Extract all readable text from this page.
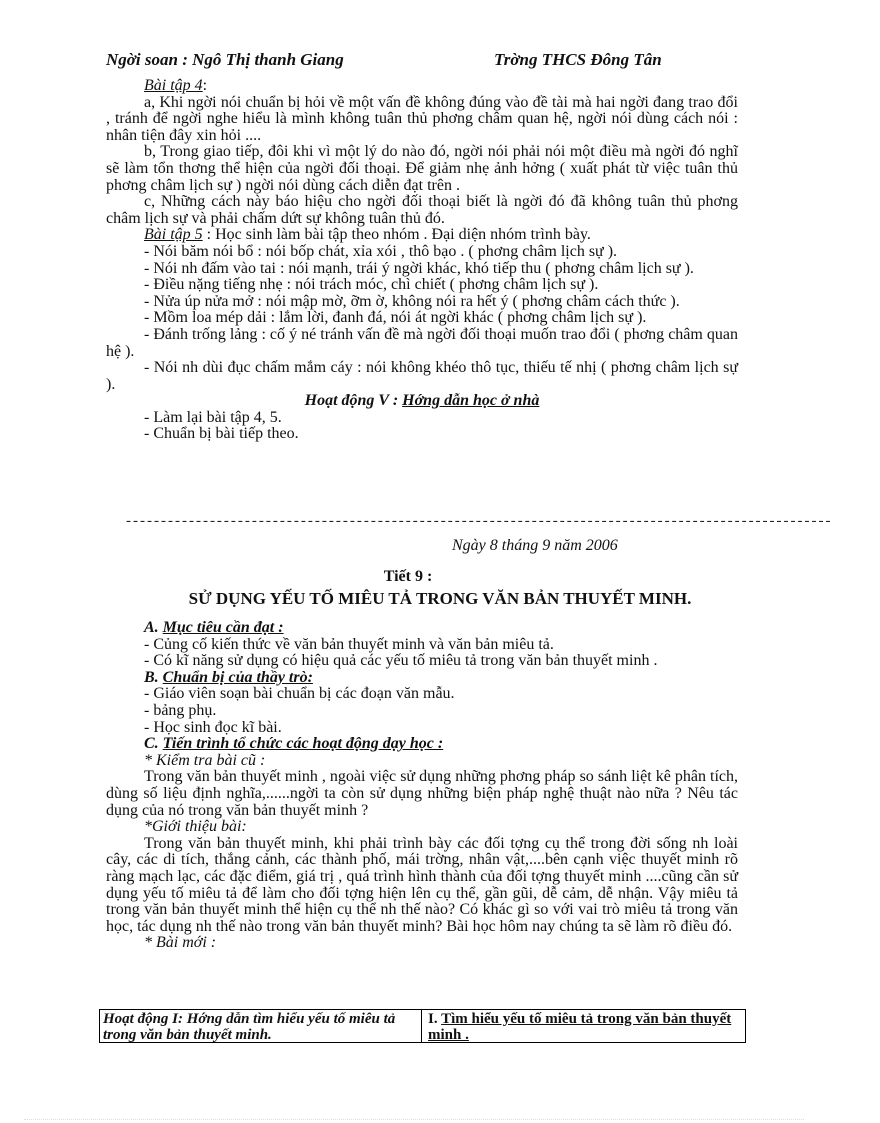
Ngời soan : Ngô Thị thanh Giang	Trờng THCS Đông Tân

Bài tập 4:

a, Khi ngời nói chuẩn bị hỏi về một vấn đề không đúng vào đề tài mà hai ngời đang trao đổi , tránh để ngời nghe hiểu là mình không tuân thủ phơng châm quan hệ, ngời nói dùng cách nói : nhân tiện đây xin hỏi ....

b, Trong giao tiếp, đôi khi vì một lý do nào đó, ngời nói phải nói một điều mà ngời đó nghĩ sẽ làm tổn thơng thể hiện của ngời đối thoại. Để giảm nhẹ ảnh hởng ( xuất phát từ việc tuân thủ phơng châm lịch sự ) ngời nói dùng cách diễn đạt trên .

c, Những cách này báo hiệu cho ngời đối thoại biết là ngời đó đã không tuân thủ phơng châm lịch sự và phải chấm dứt sự không tuân thủ đó.

Bài tập 5 : Học sinh làm bài tập theo nhóm . Đại diện nhóm trình bày.

- Nói băm nói bổ : nói bốp chát, xỉa xói , thô bạo . ( phơng châm lịch sự ).

- Nói nh đấm vào tai : nói mạnh, trái ý ngời khác, khó tiếp thu ( phơng châm lịch sự ).

- Điều nặng tiếng nhẹ : nói trách móc, chì chiết ( phơng châm lịch sự ).

- Nửa úp nửa mở : nói mập mờ, ỡm ờ, không nói ra hết ý ( phơng châm cách thức ).

- Mồm loa mép dải : lắm lời, đanh đá, nói át ngời khác ( phơng châm lịch sự ).

- Đánh trống lảng : cố ý né tránh vấn đề mà ngời đối thoại muốn trao đổi ( phơng châm quan hệ ).

- Nói nh dùi đục chấm mắm cáy : nói không khéo thô tục, thiếu tế nhị ( phơng châm lịch sự ).

Hoạt động V : Hớng dẫn học ở nhà

- Làm lại bài tập 4, 5.

- Chuẩn bị bài tiếp theo.

-----------------------------------------------------------------------------------------------------
Ngày 8 tháng 9 năm 2006
Tiết 9 :
SỬ DỤNG YẾU TỐ MIÊU TẢ TRONG VĂN BẢN THUYẾT MINH.

A. Mục tiêu cần đạt :

- Củng cố kiến thức về văn bản thuyết minh và văn bản miêu tả.

- Có kĩ năng sử dụng có hiệu quả các yếu tố miêu tả trong văn bản thuyết minh .

B. Chuẩn bị của thầy trò:

- Giáo viên soạn bài chuẩn bị các đoạn văn mẫu.

- bảng phụ.

- Học sinh đọc kĩ bài.

C. Tiến trình tổ chức các hoạt động dạy học :

* Kiểm tra bài cũ :

Trong văn bản thuyết minh , ngoài việc sử dụng những phơng pháp so sánh liệt kê phân tích, dùng số liệu định nghĩa,......ngời ta còn sử dụng những biện pháp nghệ thuật nào nữa ? Nêu tác dụng của nó trong văn bản thuyết minh ?

*Giới thiệu bài:

Trong văn bản thuyết minh, khi phải trình bày các đối tợng cụ thể trong đời sống nh loài cây, các di tích, thắng cảnh, các thành phố, mái trờng, nhân vật,....bên cạnh việc thuyết minh rõ ràng mạch lạc, các đặc điểm, giá trị , quá trình hình thành của đối tợng thuyết minh ....cũng cần sử dụng yếu tố miêu tả để làm cho đối tợng hiện lên cụ thể, gần gũi, dễ cảm, dễ nhận. Vậy miêu tả trong văn bản thuyết minh thể hiện cụ thể nh thế nào? Có khác gì so với vai trò miêu tả trong văn học, tác dụng nh thế nào trong văn bản thuyết minh? Bài học hôm nay chúng ta sẽ làm rõ điều đó.

* Bài mới :

Hoạt động I: Hớng dẫn tìm hiểu yếu tố miêu tả trong văn bản thuyết minh.
I. Tìm hiểu yếu tố miêu tả trong văn bản thuyết minh .
